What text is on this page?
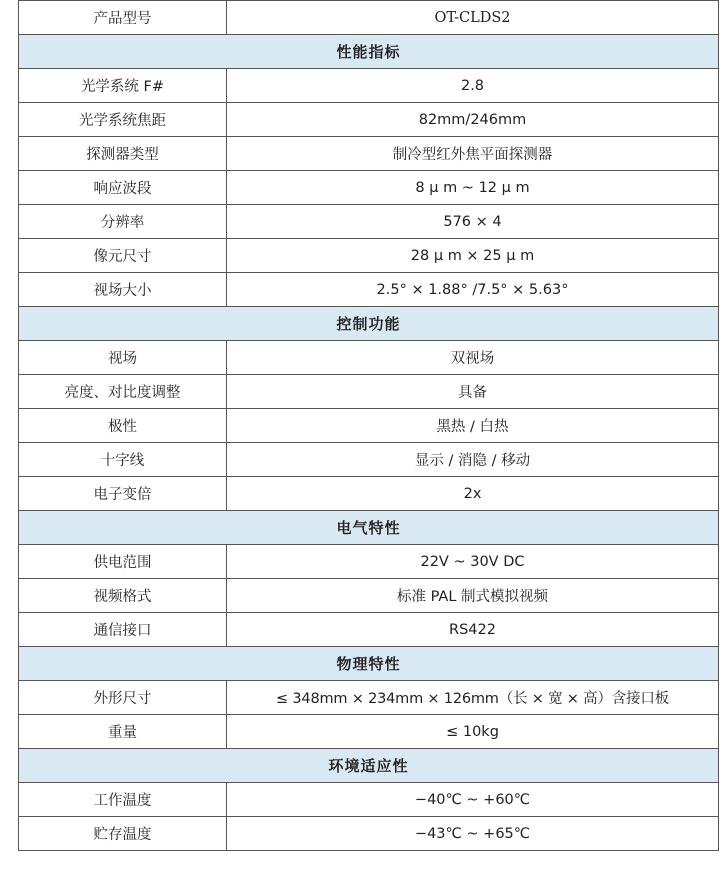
产品型号	OT-CLDS2
性能指标	
光学系统 F#	2.8
光学系统焦距	82mm/246mm
探测器类型	制冷型红外焦平面探测器
响应波段	8 μ m ~ 12 μ m
分辨率	576 × 4
像元尺寸	28 μ m × 25 μ m
视场大小	2.5° × 1.88° /7.5° × 5.63°
控制功能	
视场	双视场
亮度、对比度调整	具备
极性	黑热 / 白热
十字线	显示 / 消隐 / 移动
电子变倍	2x
电气特性	
供电范围	22V ~ 30V DC
视频格式	标准 PAL 制式模拟视频
通信接口	RS422
物理特性	
外形尺寸	≤ 348mm × 234mm × 126mm（长 × 宽 × 高）含接口板
重量	≤ 10kg
环境适应性	
工作温度	−40℃ ~ +60℃
贮存温度	−43℃ ~ +65℃
